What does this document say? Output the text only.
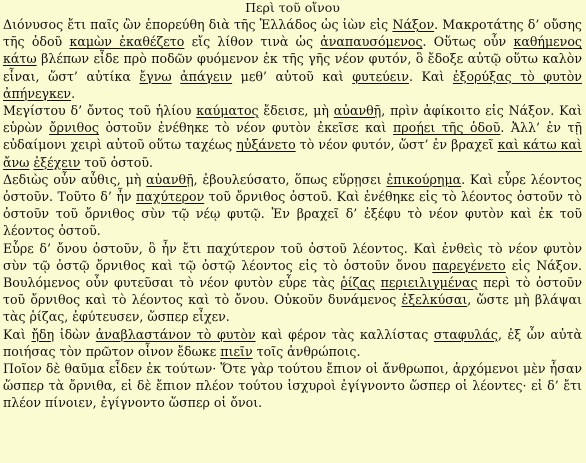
Περὶ τοῦ οἴνου

Διόνυσος ἔτι παῖς ὢν ἐπορεύθη διὰ τῆς Ἑλλάδος ὡς ἰὼν εἰς Νάξον. Μακροτάτης δ’ οὔσης τῆς ὁδοῦ καμὼν ἐκαθέζετο εἴς λίθον τινὰ ὡς ἀναπαυσόμενος. Οὕτως οὖν καθήμενος κάτω βλέπων εἶδε πρὸ ποδῶν φυόμενον ἐκ τῆς γῆς νέον φυτόν, ὃ ἔδοξε αὐτῷ οὕτω καλὸν εἶναι, ὥστ’ αὐτίκα ἔγνω ἀπάγειν μεθ’ αὑτοῦ καὶ φυτεύειν. Καὶ ἐξορύξας τὸ φυτὸν ἀπήνεγκεν.

Μεγίστου δ’ ὄντος τοῦ ἡλίου καύματος ἔδεισε, μὴ αὐανθῇ, πρὶν ἀφίκοιτο εἰς Νάξον. Καὶ εὑρὼν ὄρνιθος ὀστοῦν ἐνέθηκε τὸ νέον φυτὸν ἐκεῖσε καὶ προῄει τῆς ὁδοῦ. Ἀλλ’ ἐν τῇ εὐδαίμονι χειρὶ αὐτοῦ οὕτω ταχέως ηὐξάνετο τὸ νέον φυτόν, ὥστ’ ἐν βραχεῖ καὶ κάτω καὶ ἄνω ἐξέχειν τοῦ ὀστοῦ.

Δεδιὼς οὖν αὖθις, μὴ αὐανθῇ, ἐβουλεύσατο, ὅπως εὕρῃσει ἐπικούρημα. Καὶ εὗρε λέοντος ὀστοῦν. Τοῦτο δ’ ἦν παχύτερον τοῦ ὄρνιθος ὀστοῦ. Καὶ ἐνέθηκε εἰς τὸ λέοντος ὀστοῦν τὸ ὀστοῦν τοῦ ὄρνιθος σὺν τῷ νέῳ φυτῷ. Ἐν βραχεῖ δ’ ἐξέφυ τὸ νέον φυτὸν καὶ ἐκ τοῦ λέοντος ὀστοῦ.

Εὗρε δ’ ὄνου ὀστοῦν, ὃ ἦν ἔτι παχύτερον τοῦ ὀστοῦ λέοντος. Καὶ ἐνθεὶς τὸ νέον φυτὸν σὺν τῷ ὀστῷ ὄρνιθος καὶ τῷ ὀστῷ λέοντος εἰς τὸ ὀστοῦν ὄνου παρεγένετο εἰς Νάξον. Βουλόμενος οὖν φυτεῦσαι τὸ νέον φυτὸν εὗρε τὰς ῥίζας περιειλιγμένας περὶ τὸ ὀστοῦν τοῦ ὄρνιθος καὶ τὸ λέοντος καὶ τὸ ὄνου. Οὐκοῦν δυνάμενος ἐξελκύσαι, ὥστε μὴ βλάψαι τὰς ῥίζας, ἐφύτευσεν, ὥσπερ εἶχεν.

Καὶ ἤδη ἰδὼν ἀναβλαστάνον τὸ φυτὸν καὶ φέρον τὰς καλλίστας σταφυλάς, ἐξ ὧν αὐτὰ ποιήσας τὸν πρῶτον οἶνον ἔδωκε πιεῖν τοῖς ἀνθρώποις.

Ποῖον δὲ θαῦμα εἶδεν ἐκ τούτων· Ὅτε γὰρ τούτου ἔπιον οἱ ἄνθρωποι, ἀρχόμενοι μὲν ἦσαν ὥσπερ τὰ ὄρνιθα, εἰ δὲ ἔπιον πλέον τούτου ἰσχυροὶ ἐγίγνοντο ὥσπερ οἱ λέοντες· εἰ δ’ ἔτι πλέον πίνοιεν, ἐγίγνοντο ὥσπερ οἱ ὄνοι.
